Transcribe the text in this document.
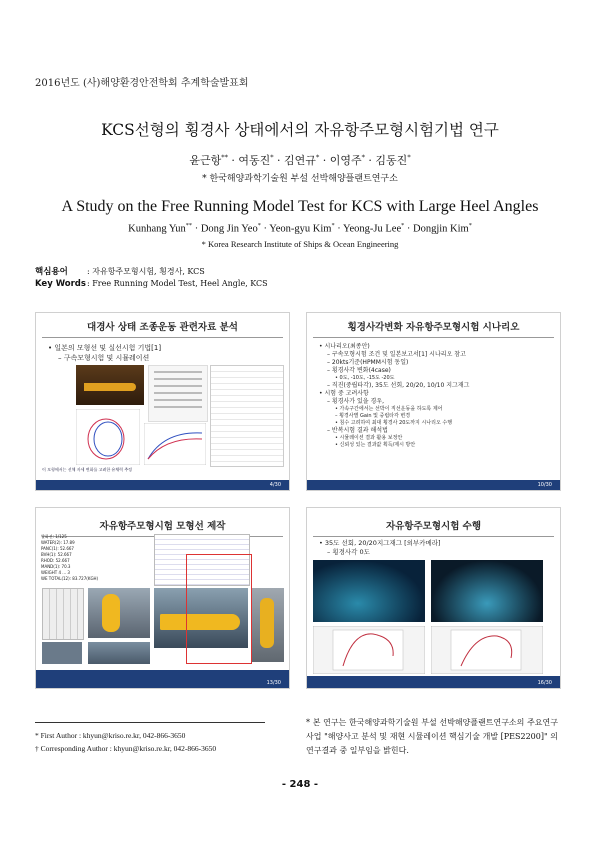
2016년도 (사)해양환경안전학회 추계학술발표회
KCS선형의 횡경사 상태에서의 자유항주모형시험기법 연구
윤근항** · 여동진* · 김연규* · 이영주* · 김동진*
* 한국해양과학기술원 부설 선박해양플랜트연구소
A Study on the Free Running Model Test for KCS with Large Heel Angles
Kunhang Yun** · Dong Jin Yeo* · Yeon-gyu Kim* · Yeong-Ju Lee* · Dongjin Kim*
* Korea Research Institute of Ships & Ocean Engineering
핵심용어 : 자유항주모형시험, 횡경사, KCS
Key Words: Free Running Model Test, Heel Angle, KCS
대경사 상태 조종운동 관련자료 분석
• 일본의 모형선 및 실선시험 기법[1]
– 구속모형시험 및 시뮬레이션
이 모형에서는 선체 자세 변화를 고려한 유체력 추정
4/30
횡경사각변화 자유항주모형시험 시나리오
• 시나리오(최종안)
– 구속모형시험 조건 및 일본보고서[1] 시나리오 참고
– 20kts기준(HPMM시험 동일)
– 횡경사각 변화(4case)
• 0도, -10도, -15도 -20도
– 직진(중립타각), 35도 선회, 20/20, 10/10 지그재그
• 시험 중 고려사항
– 횡경사가 있을 경우,
• 가속구간에서는 선박이 직선운동을 하도록 제어
– 횡경사별 Gain 및 중립타각 변경
• 침수 고려하여 최대 횡경사 20도까지 시나리오 수행
– 반복시험 결과 해석법
• 시뮬레이션 결과 활용 보정안
• 신뢰성 있는 결과값 획득/제시 방안
10/30
자유항주모형시험 모형선 제작
발화선: 1/125
WATER(2): 17.89
PANC(1): 52.667
BVH(1): 52.667
RHOD: 52.667
MAND(1): 70.3
WEIGHT 4 ... 3
WE TOTAL(12): 83.727(KGH)
13/30
자유항주모형시험 수행
• 35도 선회, 20/20지그재그 [외부카메라]
– 횡경사각 0도
16/30
* First Author : khyun@kriso.re.kr, 042-866-3650
† Corresponding Author : khyun@kriso.re.kr, 042-866-3650
* 본 연구는 한국해양과학기술원 부설 선박해양플랜트연구소의 주요연구사업 "해양사고 분석 및 재현 시뮬레이션 핵심기술 개발 [PES2200]" 의 연구결과 중 일부임을 밝힌다.
- 248 -
